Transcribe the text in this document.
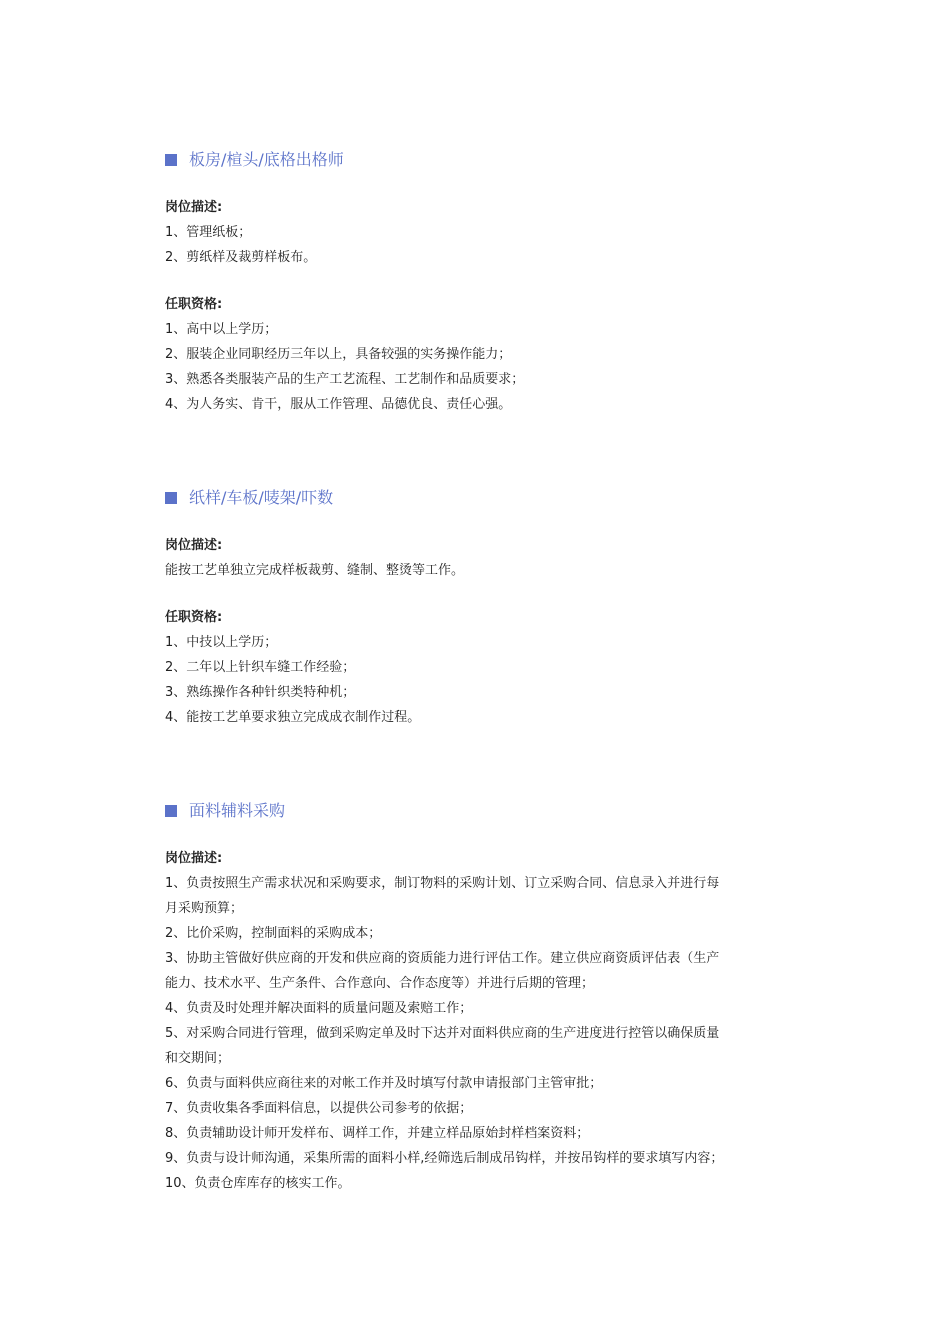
板房/楦头/底格出格师
岗位描述:
1、管理纸板；
2、剪纸样及裁剪样板布。
任职资格:
1、高中以上学历；
2、服装企业同职经历三年以上，具备较强的实务操作能力；
3、熟悉各类服装产品的生产工艺流程、工艺制作和品质要求；
4、为人务实、肯干，服从工作管理、品德优良、责任心强。
纸样/车板/唛架/吓数
岗位描述:
能按工艺单独立完成样板裁剪、缝制、整烫等工作。
任职资格:
1、中技以上学历；
2、二年以上针织车缝工作经验；
3、熟练操作各种针织类特种机；
4、能按工艺单要求独立完成成衣制作过程。
面料辅料采购
岗位描述:
1、负责按照生产需求状况和采购要求，制订物料的采购计划、订立采购合同、信息录入并进行每
月采购预算；
2、比价采购，控制面料的采购成本；
3、协助主管做好供应商的开发和供应商的资质能力进行评估工作。建立供应商资质评估表（生产
能力、技术水平、生产条件、合作意向、合作态度等）并进行后期的管理；
4、负责及时处理并解决面料的质量问题及索赔工作；
5、对采购合同进行管理，做到采购定单及时下达并对面料供应商的生产进度进行控管以确保质量
和交期间；
6、负责与面料供应商往来的对帐工作并及时填写付款申请报部门主管审批；
7、负责收集各季面料信息，以提供公司参考的依据；
8、负责辅助设计师开发样布、调样工作，并建立样品原始封样档案资料；
9、负责与设计师沟通，采集所需的面料小样,经筛选后制成吊钩样，并按吊钩样的要求填写内容；
10、负责仓库库存的核实工作。
